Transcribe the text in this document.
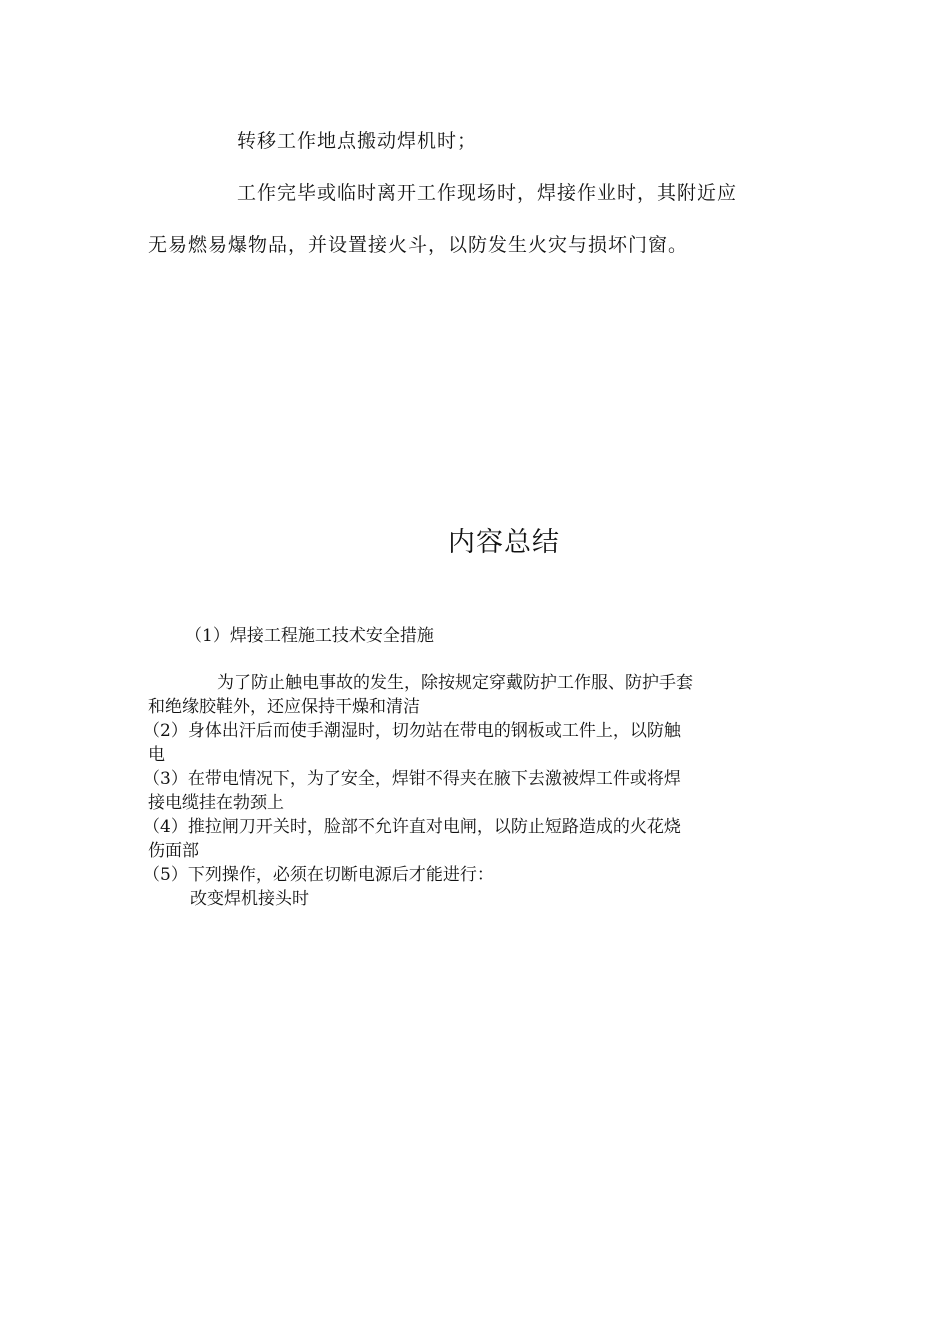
转移工作地点搬动焊机时；
工作完毕或临时离开工作现场时，焊接作业时，其附近应
无易燃易爆物品，并设置接火斗，以防发生火灾与损坏门窗。
内容总结
（1）焊接工程施工技术安全措施
为了防止触电事故的发生，除按规定穿戴防护工作服、防护手套
和绝缘胶鞋外，还应保持干燥和清洁
（2）身体出汗后而使手潮湿时，切勿站在带电的钢板或工件上，以防触
电
（3）在带电情况下，为了安全，焊钳不得夹在腋下去激被焊工件或将焊
接电缆挂在勃颈上
（4）推拉闸刀开关时，脸部不允许直对电闸，以防止短路造成的火花烧
伤面部
（5）下列操作，必须在切断电源后才能进行：
改变焊机接头时
